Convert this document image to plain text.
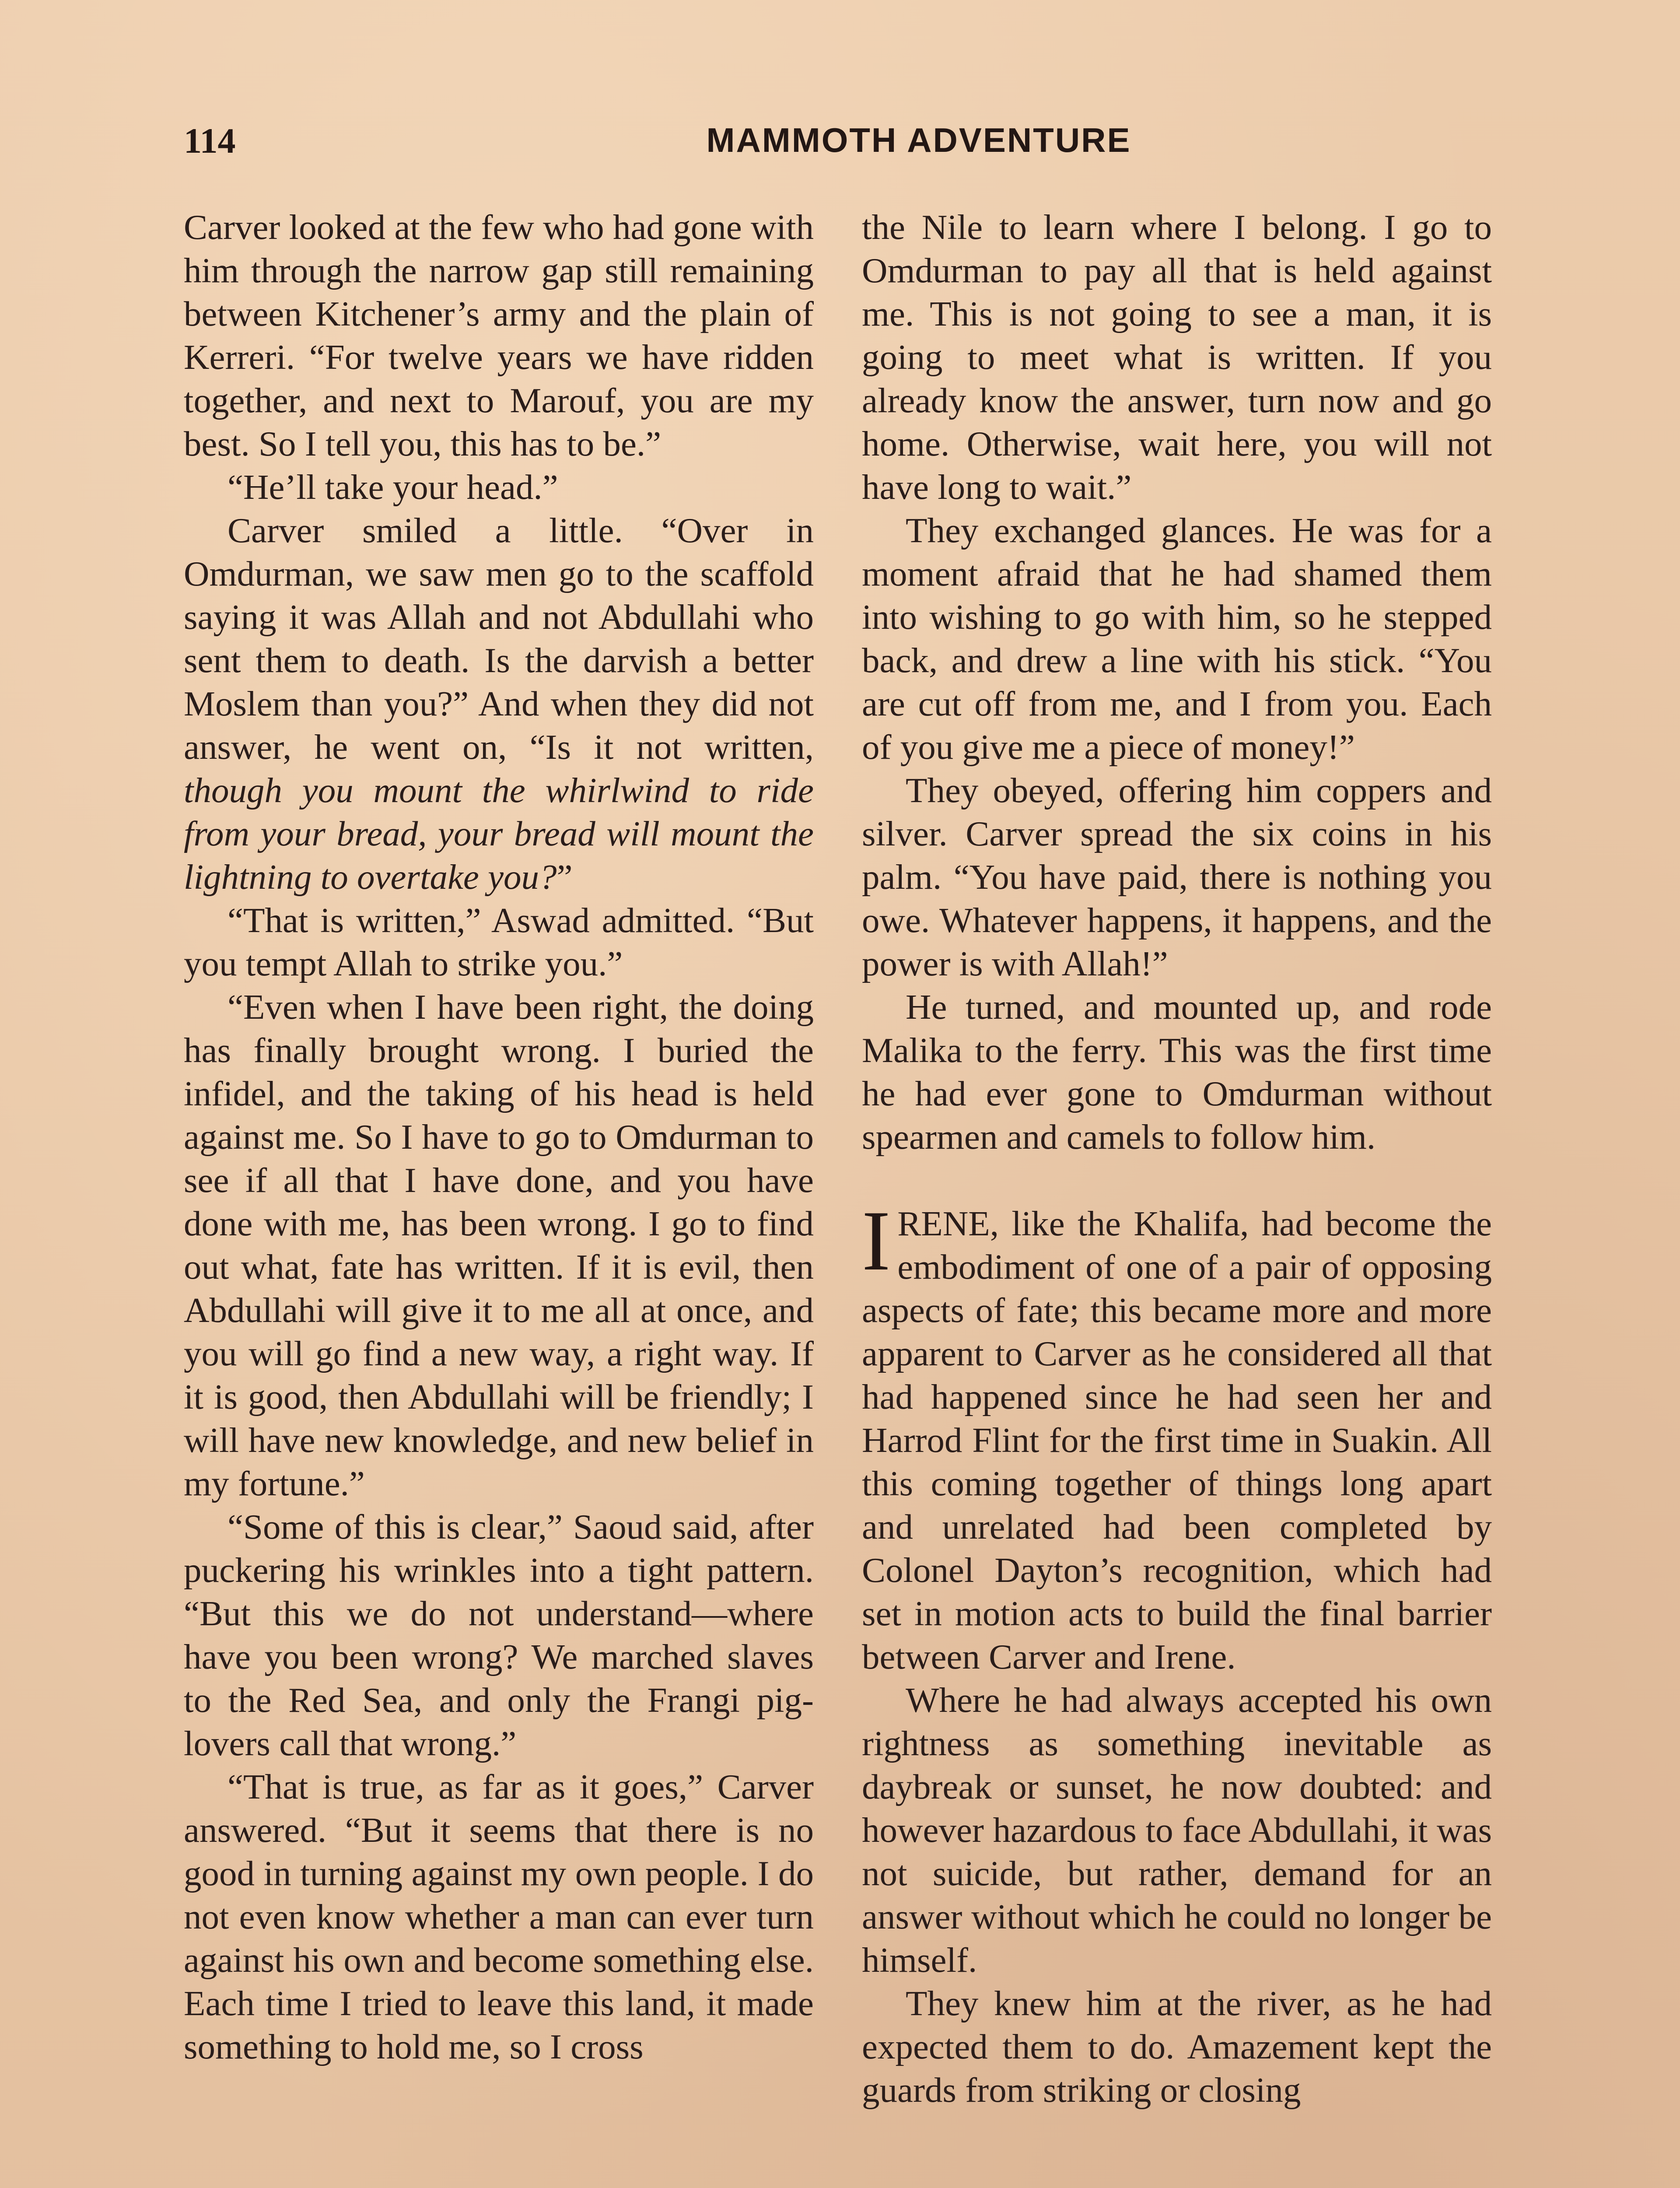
114	MAMMOTH ADVENTURE

Carver looked at the few who had gone with him through the narrow gap still remaining between Kitchener’s army and the plain of Kerreri. “For twelve years we have ridden together, and next to Marouf, you are my best. So I tell you, this has to be.”

“He’ll take your head.”

Carver smiled a little. “Over in Omdurman, we saw men go to the scaffold saying it was Allah and not Abdullahi who sent them to death. Is the darvish a better Moslem than you?” And when they did not answer, he went on, “Is it not written, though you mount the whirlwind to ride from your bread, your bread will mount the lightning to overtake you?”

“That is written,” Aswad admitted. “But you tempt Allah to strike you.”

“Even when I have been right, the doing has finally brought wrong. I buried the infidel, and the taking of his head is held against me. So I have to go to Omdurman to see if all that I have done, and you have done with me, has been wrong. I go to find out what, fate has written. If it is evil, then Abdullahi will give it to me all at once, and you will go find a new way, a right way. If it is good, then Abdullahi will be friendly; I will have new knowledge, and new belief in my fortune.”

“Some of this is clear,” Saoud said, after puckering his wrinkles into a tight pattern. “But this we do not understand—where have you been wrong? We marched slaves to the Red Sea, and only the Frangi pig-lovers call that wrong.”

“That is true, as far as it goes,” Carver answered. “But it seems that there is no good in turning against my own people. I do not even know whether a man can ever turn against his own and become something else. Each time I tried to leave this land, it made something to hold me, so I cross

the Nile to learn where I belong. I go to Omdurman to pay all that is held against me. This is not going to see a man, it is going to meet what is written. If you already know the answer, turn now and go home. Otherwise, wait here, you will not have long to wait.”

They exchanged glances. He was for a moment afraid that he had shamed them into wishing to go with him, so he stepped back, and drew a line with his stick. “You are cut off from me, and I from you. Each of you give me a piece of money!”

They obeyed, offering him coppers and silver. Carver spread the six coins in his palm. “You have paid, there is nothing you owe. Whatever happens, it happens, and the power is with Allah!”

He turned, and mounted up, and rode Malika to the ferry. This was the first time he had ever gone to Omdurman without spearmen and camels to follow him.

IRENE, like the Khalifa, had become the embodiment of one of a pair of opposing aspects of fate; this became more and more apparent to Carver as he considered all that had happened since he had seen her and Harrod Flint for the first time in Suakin. All this coming together of things long apart and unrelated had been completed by Colonel Dayton’s recognition, which had set in motion acts to build the final barrier between Carver and Irene.

Where he had always accepted his own rightness as something inevitable as daybreak or sunset, he now doubted: and however hazardous to face Abdullahi, it was not suicide, but rather, demand for an answer without which he could no longer be himself.

They knew him at the river, as he had expected them to do. Amazement kept the guards from striking or closing
